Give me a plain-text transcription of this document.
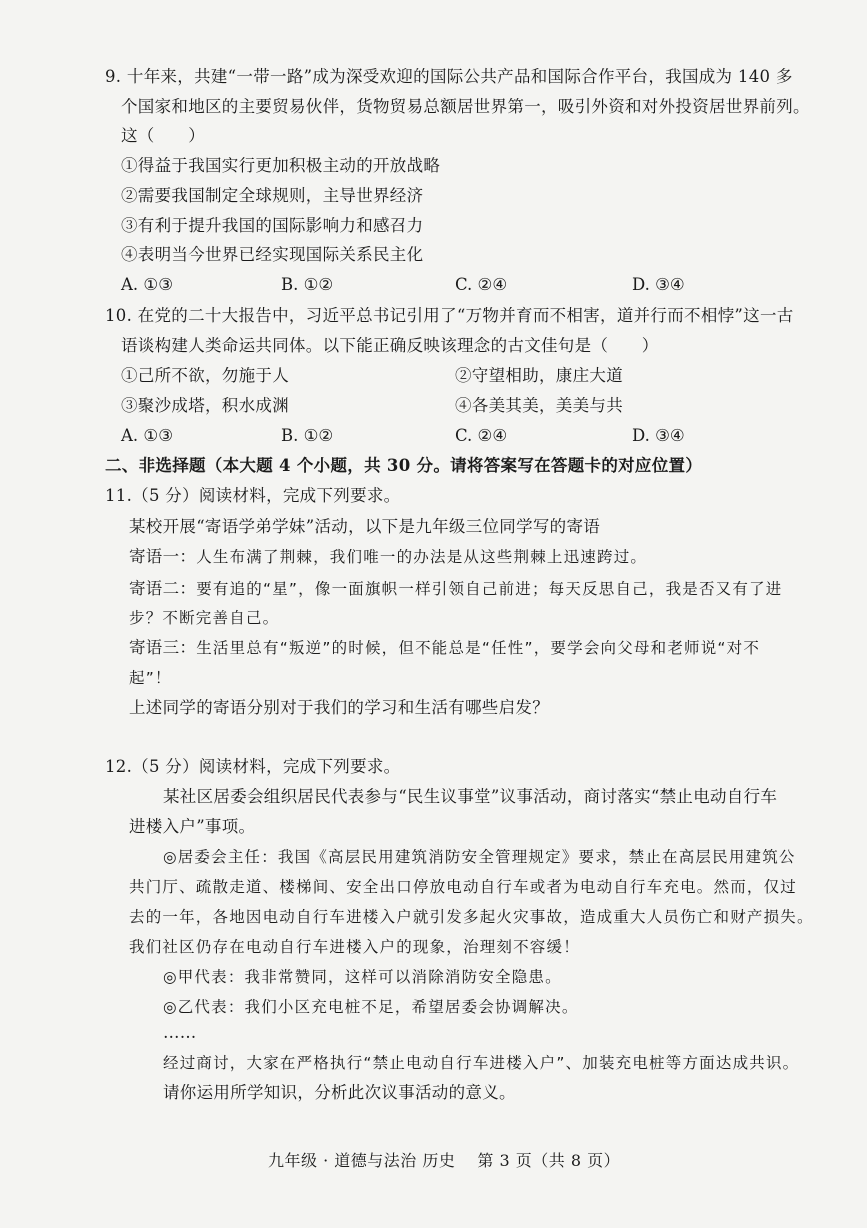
9. 十年来，共建“一带一路”成为深受欢迎的国际公共产品和国际合作平台，我国成为 140 多
个国家和地区的主要贸易伙伴，货物贸易总额居世界第一，吸引外资和对外投资居世界前列。
这（　　）
①得益于我国实行更加积极主动的开放战略
②需要我国制定全球规则，主导世界经济
③有利于提升我国的国际影响力和感召力
④表明当今世界已经实现国际关系民主化
A. ①③	B. ①②	C. ②④	D. ③④
10. 在党的二十大报告中，习近平总书记引用了“万物并育而不相害，道并行而不相悖”这一古
语谈构建人类命运共同体。以下能正确反映该理念的古文佳句是（　　）
①己所不欲，勿施于人	②守望相助，康庄大道
③聚沙成塔，积水成渊	④各美其美，美美与共
A. ①③	B. ①②	C. ②④	D. ③④
二、非选择题（本大题 4 个小题，共 30 分。请将答案写在答题卡的对应位置）
11.（5 分）阅读材料，完成下列要求。
某校开展“寄语学弟学妹”活动，以下是九年级三位同学写的寄语
寄语一：人生布满了荆棘，我们唯一的办法是从这些荆棘上迅速跨过。
寄语二：要有追的“星”，像一面旗帜一样引领自己前进；每天反思自己，我是否又有了进
步？不断完善自己。
寄语三：生活里总有“叛逆”的时候，但不能总是“任性”，要学会向父母和老师说“对不
起”！
上述同学的寄语分别对于我们的学习和生活有哪些启发？
12.（5 分）阅读材料，完成下列要求。
某社区居委会组织居民代表参与“民生议事堂”议事活动，商讨落实“禁止电动自行车
进楼入户”事项。
◎居委会主任：我国《高层民用建筑消防安全管理规定》要求，禁止在高层民用建筑公
共门厅、疏散走道、楼梯间、安全出口停放电动自行车或者为电动自行车充电。然而，仅过
去的一年，各地因电动自行车进楼入户就引发多起火灾事故，造成重大人员伤亡和财产损失。
我们社区仍存在电动自行车进楼入户的现象，治理刻不容缓！
◎甲代表：我非常赞同，这样可以消除消防安全隐患。
◎乙代表：我们小区充电桩不足，希望居委会协调解决。
……
经过商讨，大家在严格执行“禁止电动自行车进楼入户”、加装充电桩等方面达成共识。
请你运用所学知识，分析此次议事活动的意义。
九年级 · 道德与法治 历史　 第 3 页（共 8 页）
